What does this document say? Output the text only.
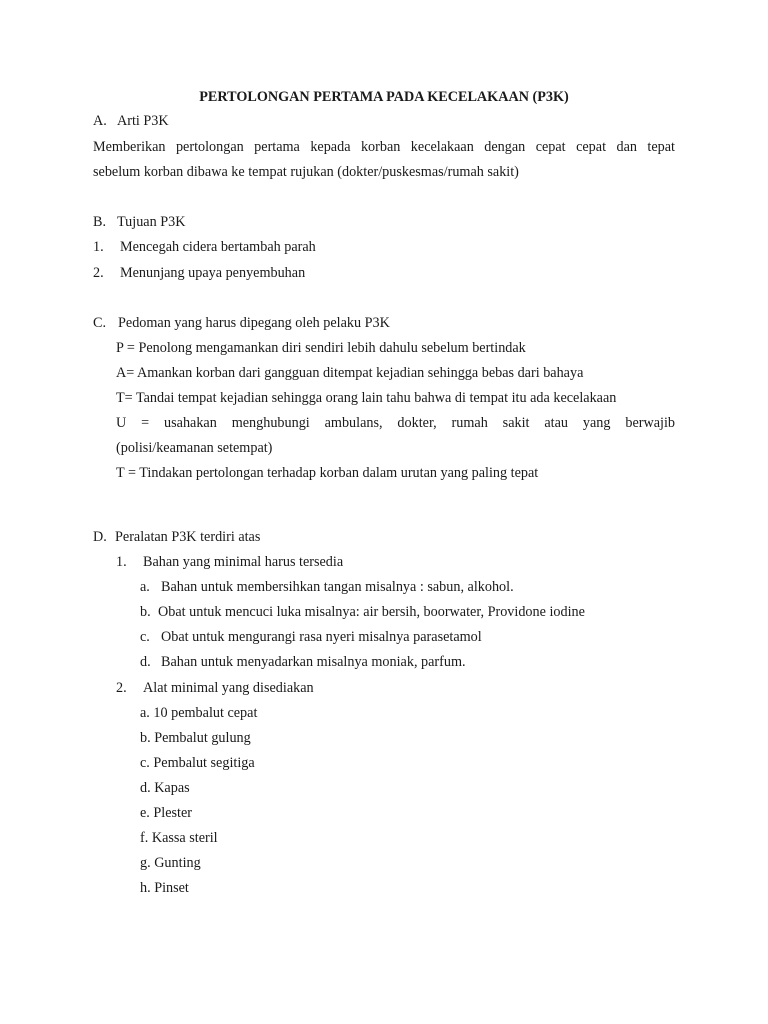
PERTOLONGAN PERTAMA PADA KECELAKAAN (P3K)
A. Arti P3K
Memberikan pertolongan pertama kepada korban kecelakaan dengan cepat cepat dan tepat
sebelum korban dibawa ke tempat rujukan (dokter/puskesmas/rumah sakit)
B. Tujuan P3K
1. Mencegah cidera bertambah parah
2. Menunjang upaya penyembuhan
C. Pedoman yang harus dipegang oleh pelaku P3K
P = Penolong mengamankan diri sendiri lebih dahulu sebelum bertindak
A= Amankan korban dari gangguan ditempat kejadian sehingga bebas dari bahaya
T= Tandai tempat kejadian sehingga orang lain tahu bahwa di tempat itu ada kecelakaan
U = usahakan menghubungi ambulans, dokter, rumah sakit atau yang berwajib
(polisi/keamanan setempat)
T = Tindakan pertolongan terhadap korban dalam urutan yang paling tepat
D. Peralatan P3K terdiri atas
1. Bahan yang minimal harus tersedia
a. Bahan untuk membersihkan tangan misalnya : sabun, alkohol.
b. Obat untuk mencuci luka misalnya: air bersih, boorwater, Providone iodine
c. Obat untuk mengurangi rasa nyeri misalnya parasetamol
d. Bahan untuk menyadarkan misalnya moniak, parfum.
2. Alat minimal yang disediakan
a. 10 pembalut cepat
b. Pembalut gulung
c. Pembalut segitiga
d. Kapas
e. Plester
f. Kassa steril
g. Gunting
h. Pinset
